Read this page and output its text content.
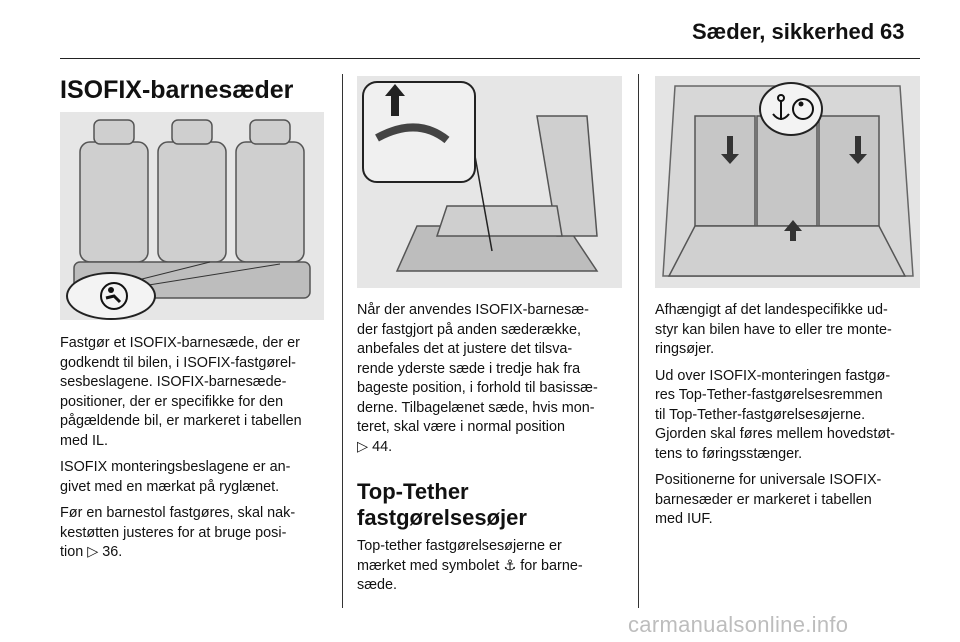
Sæder, sikkerhed 63
ISOFIX-barnesæder

Fastgør et ISOFIX-barnesæde, der er
godkendt til bilen, i ISOFIX-fastgørel-
sesbeslagene. ISOFIX-barnesæde-
positioner, der er specifikke for den
pågældende bil, er markeret i tabellen
med IL.

ISOFIX monteringsbeslagene er an-
givet med en mærkat på ryglænet.

Før en barnestol fastgøres, skal nak-
kestøtten justeres for at bruge posi-
tion ▷ 36.

Når der anvendes ISOFIX-barnesæ-
der fastgjort på anden sæderække,
anbefales det at justere det tilsva-
rende yderste sæde i tredje hak fra
bageste position, i forhold til basissæ-
derne. Tilbagelænet sæde, hvis mon-
teret, skal være i normal position
▷ 44.

Top-Tether
fastgørelsesøjer

Top-tether fastgørelsesøjerne er
mærket med symbolet ⚓ for barne-
sæde.

Afhængigt af det landespecifikke ud-
styr kan bilen have to eller tre monte-
ringsøjer.

Ud over ISOFIX-monteringen fastgø-
res Top-Tether-fastgørelsesremmen
til Top-Tether-fastgørelsesøjerne.
Gjorden skal føres mellem hovedstøt-
tens to føringsstænger.

Positionerne for universale ISOFIX-
barnesæder er markeret i tabellen
med IUF.

carmanualsonline.info
